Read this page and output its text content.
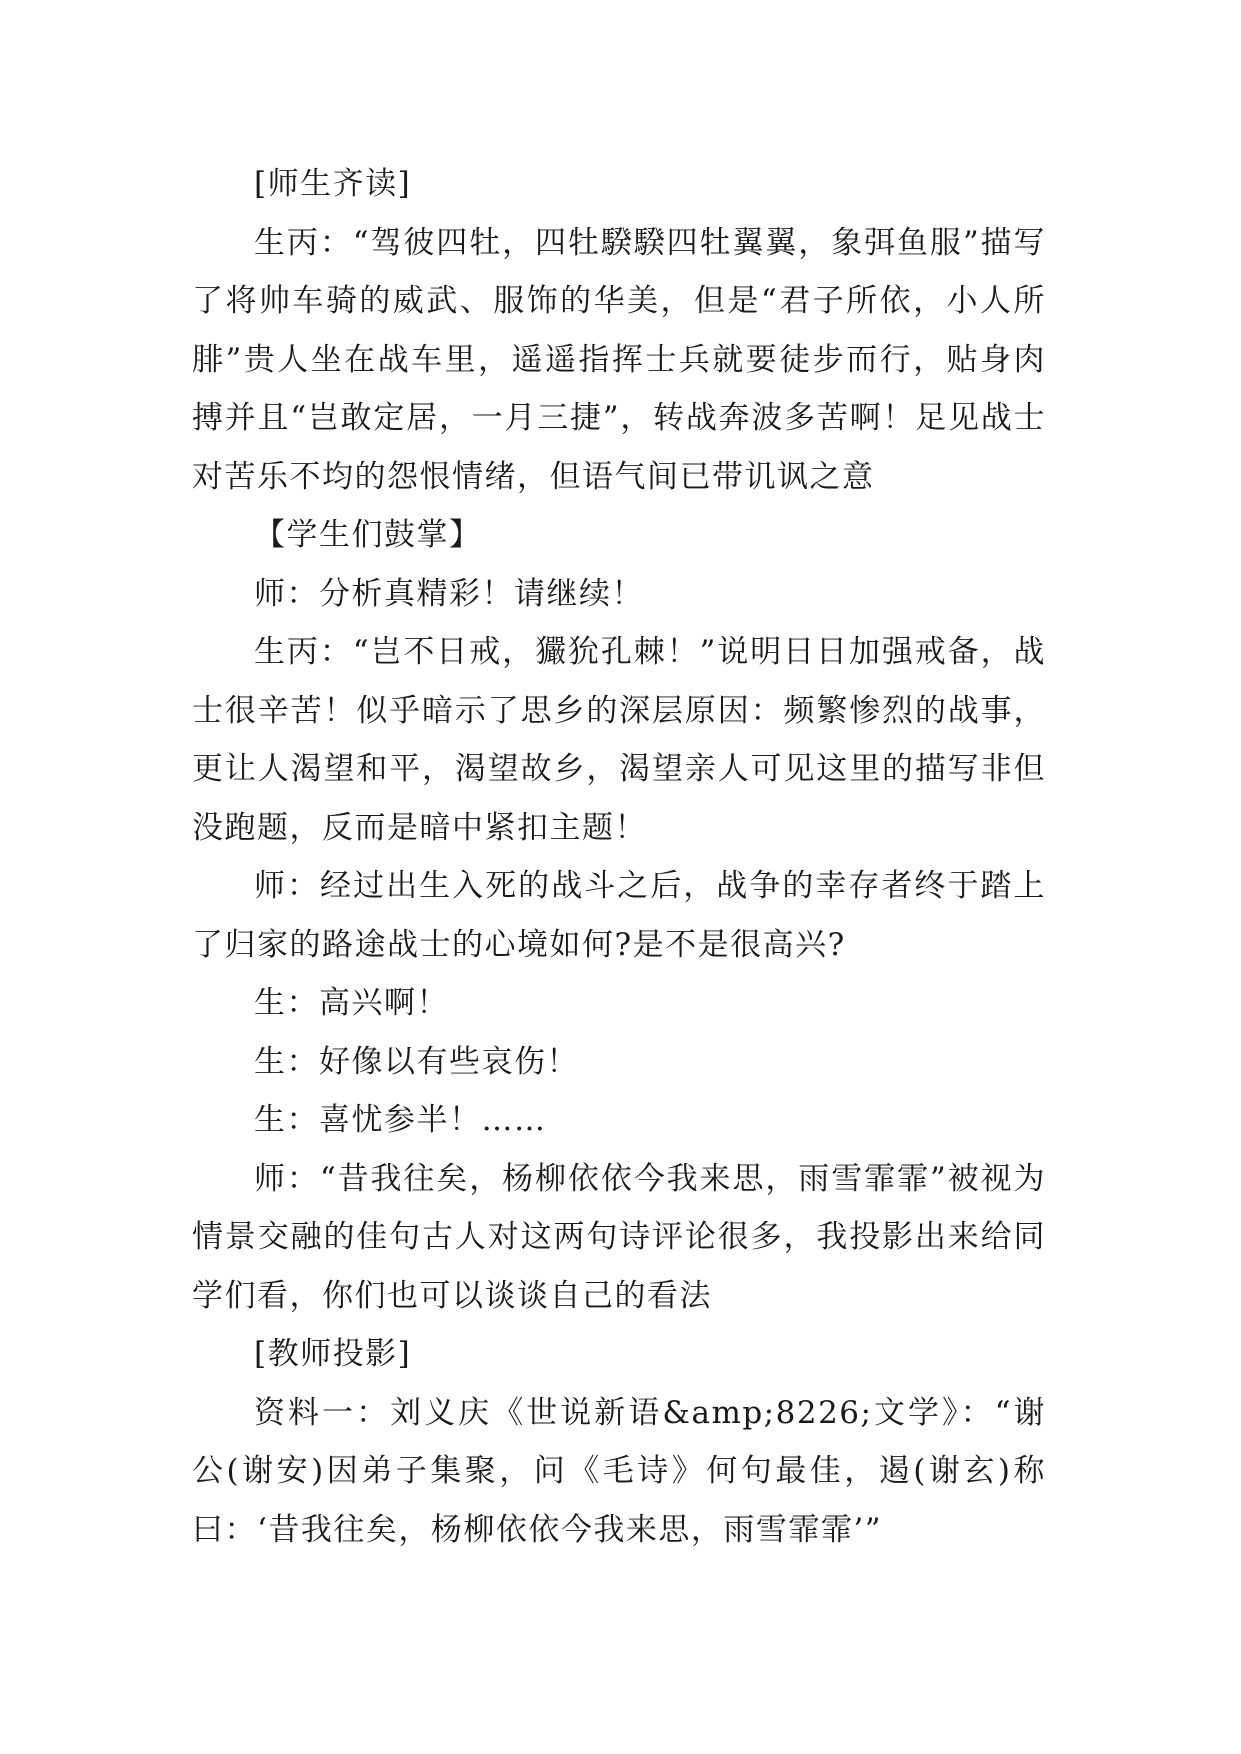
[师生齐读]

生丙：“驾彼四牡，四牡騤騤四牡翼翼，象弭鱼服”描写了将帅车骑的威武、服饰的华美，但是“君子所依，小人所腓”贵人坐在战车里，遥遥指挥士兵就要徒步而行，贴身肉搏并且“岂敢定居，一月三捷”，转战奔波多苦啊！足见战士对苦乐不均的怨恨情绪，但语气间已带讥讽之意

【学生们鼓掌】

师：分析真精彩！请继续！

生丙：“岂不日戒，玁狁孔棘！”说明日日加强戒备，战士很辛苦！似乎暗示了思乡的深层原因：频繁惨烈的战事，更让人渴望和平，渴望故乡，渴望亲人可见这里的描写非但没跑题，反而是暗中紧扣主题！

师：经过出生入死的战斗之后，战争的幸存者终于踏上了归家的路途战士的心境如何?是不是很高兴?

生：高兴啊！

生：好像以有些哀伤！

生：喜忧参半！……

师：“昔我往矣，杨柳依依今我来思，雨雪霏霏”被视为情景交融的佳句古人对这两句诗评论很多，我投影出来给同学们看，你们也可以谈谈自己的看法

[教师投影]

资料一：刘义庆《世说新语&amp;8226;文学》：“谢公(谢安)因弟子集聚，问《毛诗》何句最佳，遏(谢玄)称曰：‘昔我往矣，杨柳依依今我来思，雨雪霏霏’”
